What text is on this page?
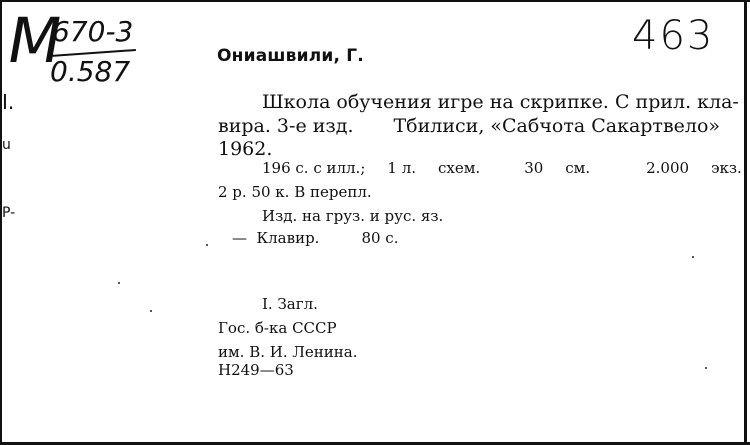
M
670-3
0.587
463
I.
u
P-
Ониашвили, Г.
Школа обучения игре на скрипке. С прил. кла-
вира. 3-е изд. Тбилиси, «Сабчота Сакартвело»
1962.
196 с. с илл.; 1 л. схем.	30 см.	2.000 экз.
2 р. 50 к. В перепл.
Изд. на груз. и рус. яз.
— Клавир.	80 с.
I. Загл.
Гос. б-ка СССР
им. В. И. Ленина.
Н249—63
